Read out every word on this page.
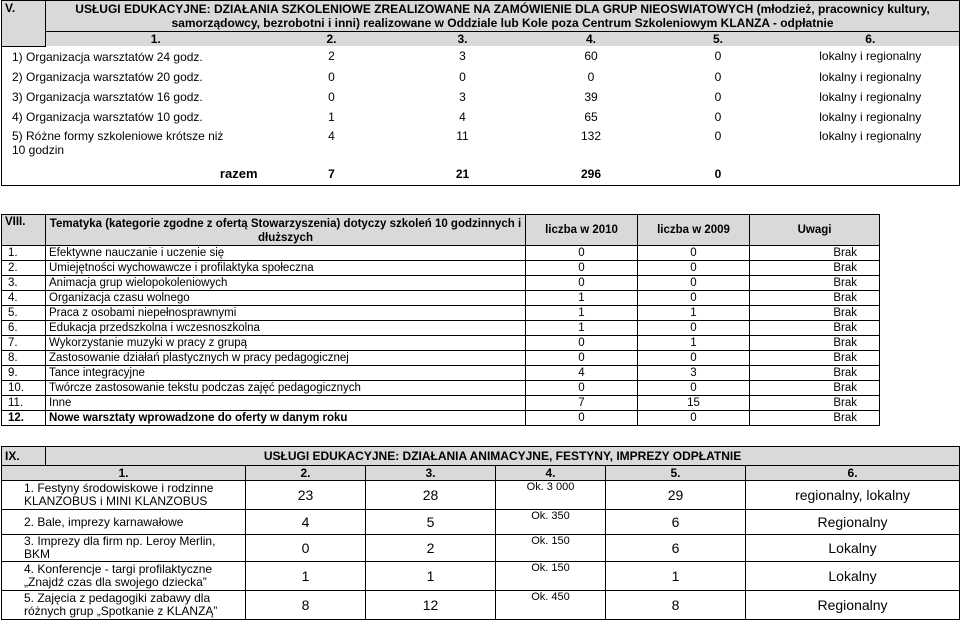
V.	USŁUGI EDUKACYJNE: DZIAŁANIA SZKOLENIOWE ZREALIZOWANE NA ZAMÓWIENIE DLA GRUP NIEOSWIATOWYCH (młodzież, pracownicy kultury, samorządowcy, bezrobotni i inni) realizowane w Oddziale lub Kole poza Centrum Szkoleniowym KLANZA - odpłatnie					
	1.	2.	3.	4.	5.	6.
1) Organizacja warsztatów 24 godz.		2	3	60	0	lokalny i regionalny
2) Organizacja warsztatów 20 godz.		0	0	0	0	lokalny i regionalny
3) Organizacja warsztatów 16 godz.		0	3	39	0	lokalny i regionalny
4) Organizacja warsztatów 10 godz.		1	4	65	0	lokalny i regionalny
5) Różne formy szkoleniowe krótsze niż 10 godzin		4	11	132	0	lokalny i regionalny
razem		7	21	296	0	
VIII.	Tematyka (kategorie zgodne z ofertą Stowarzyszenia) dotyczy szkoleń 10 godzinnych i dłuższych	liczba w 2010	liczba w 2009	Uwagi
1.	Efektywne nauczanie i uczenie się	0	0	Brak
2.	Umiejętności wychowawcze i profilaktyka społeczna	0	0	Brak
3.	Animacja grup wielopokoleniowych	0	0	Brak
4.	Organizacja czasu wolnego	1	0	Brak
5.	Praca z osobami niepełnosprawnymi	1	1	Brak
6.	Edukacja przedszkolna i wczesnoszkolna	1	0	Brak
7.	Wykorzystanie muzyki w pracy z grupą	0	1	Brak
8.	Zastosowanie działań plastycznych w pracy pedagogicznej	0	0	Brak
9.	Tance integracyjne	4	3	Brak
10.	Twórcze zastosowanie tekstu podczas zajęć pedagogicznych	0	0	Brak
11.	Inne	7	15	Brak
12.	Nowe warsztaty wprowadzone do oferty w danym roku	0	0	Brak
IX.	USŁUGI EDUKACYJNE: DZIAŁANIA ANIMACYJNE, FESTYNY, IMPREZY ODPŁATNIE					
1.		2.	3.	4.	5.	6.
1. Festyny środowiskowe i rodzinne KLANZOBUS i MINI KLANZOBUS		23	28	Ok. 3 000	29	regionalny, lokalny
2. Bale, imprezy karnawałowe		4	5	Ok. 350	6	Regionalny
3. Imprezy dla firm np. Leroy Merlin, BKM		0	2	Ok. 150	6	Lokalny
4. Konferencje - targi profilaktyczne „Znajdź czas dla swojego dziecka”		1	1	Ok. 150	1	Lokalny
5. Zajęcia z pedagogiki zabawy dla różnych grup „Spotkanie z KLANZĄ”		8	12	Ok. 450	8	Regionalny
